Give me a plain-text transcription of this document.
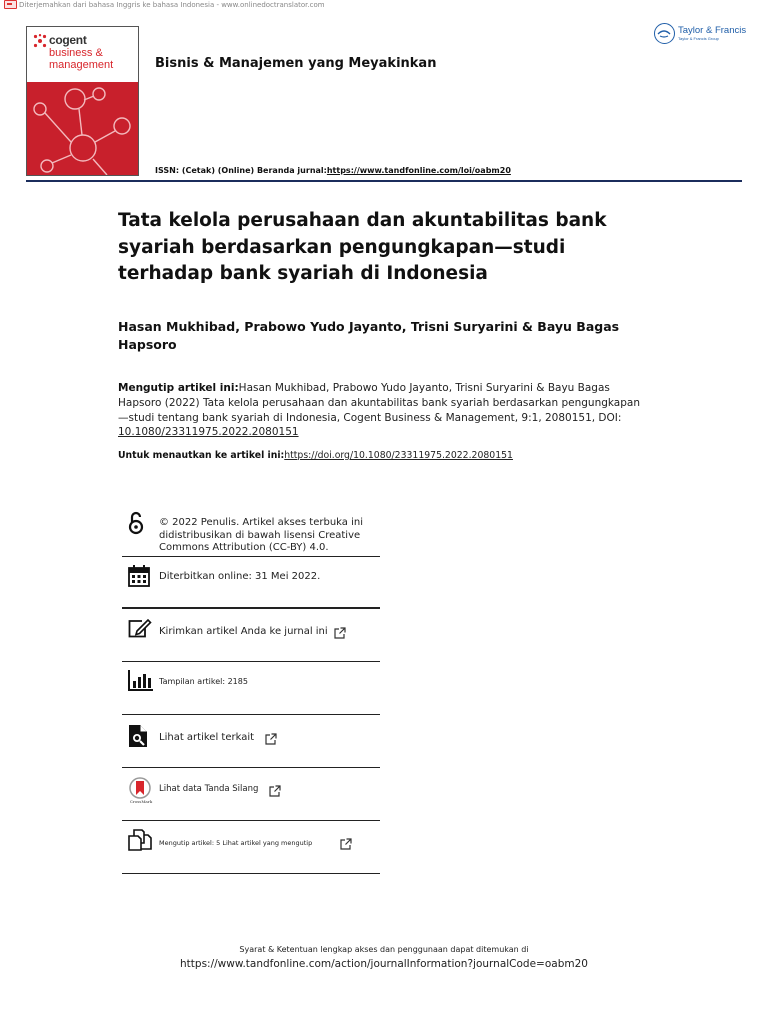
Diterjemahkan dari bahasa Inggris ke bahasa Indonesia - www.onlinedoctranslator.com
cogent
business &
management	Bisnis & Manajemen yang Meyakinkan
ISSN: (Cetak) (Online) Beranda jurnal:https://www.tandfonline.com/loi/oabm20
Taylor & Francis
Taylor & Francis Group
Tata kelola perusahaan dan akuntabilitas bank syariah berdasarkan pengungkapan—studi terhadap bank syariah di Indonesia
Hasan Mukhibad, Prabowo Yudo Jayanto, Trisni Suryarini & Bayu Bagas Hapsoro
Mengutip artikel ini:Hasan Mukhibad, Prabowo Yudo Jayanto, Trisni Suryarini & Bayu Bagas Hapsoro (2022) Tata kelola perusahaan dan akuntabilitas bank syariah berdasarkan pengungkapan—studi tentang bank syariah di Indonesia, Cogent Business & Management, 9:1, 2080151, DOI:
10.1080/23311975.2022.2080151
Untuk menautkan ke artikel ini:https://doi.org/10.1080/23311975.2022.2080151
© 2022 Penulis. Artikel akses terbuka ini didistribusikan di bawah lisensi Creative Commons Attribution (CC-BY) 4.0.
Diterbitkan online: 31 Mei 2022.
Kirimkan artikel Anda ke jurnal ini
Tampilan artikel: 2185
Lihat artikel terkait
CrossMark
Lihat data Tanda Silang
Mengutip artikel: 5 Lihat artikel yang mengutip
Syarat & Ketentuan lengkap akses dan penggunaan dapat ditemukan di
https://www.tandfonline.com/action/journalInformation?journalCode=oabm20
